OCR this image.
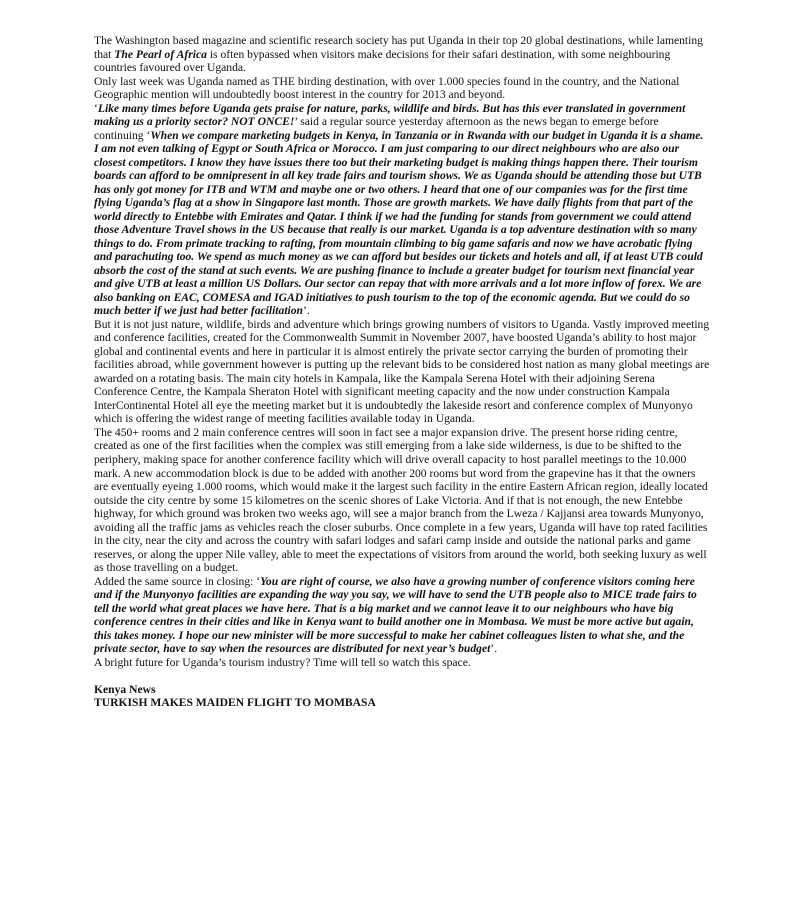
The Washington based magazine and scientific research society has put Uganda in their top 20 global destinations, while lamenting that The Pearl of Africa is often bypassed when visitors make decisions for their safari destination, with some neighbouring countries favoured over Uganda.

Only last week was Uganda named as THE birding destination, with over 1.000 species found in the country, and the National Geographic mention will undoubtedly boost interest in the country for 2013 and beyond.

‘Like many times before Uganda gets praise for nature, parks, wildlife and birds. But has this ever translated in government making us a priority sector? NOT ONCE!’ said a regular source yesterday afternoon as the news began to emerge before continuing ‘When we compare marketing budgets in Kenya, in Tanzania or in Rwanda with our budget in Uganda it is a shame. I am not even talking of Egypt or South Africa or Morocco. I am just comparing to our direct neighbours who are also our closest competitors. I know they have issues there too but their marketing budget is making things happen there. Their tourism boards can afford to be omnipresent in all key trade fairs and tourism shows. We as Uganda should be attending those but UTB has only got money for ITB and WTM and maybe one or two others. I heard that one of our companies was for the first time flying Uganda’s flag at a show in Singapore last month. Those are growth markets. We have daily flights from that part of the world directly to Entebbe with Emirates and Qatar. I think if we had the funding for stands from government we could attend those Adventure Travel shows in the US because that really is our market. Uganda is a top adventure destination with so many things to do. From primate tracking to rafting, from mountain climbing to big game safaris and now we have acrobatic flying and parachuting too. We spend as much money as we can afford but besides our tickets and hotels and all, if at least UTB could absorb the cost of the stand at such events. We are pushing finance to include a greater budget for tourism next financial year and give UTB at least a million US Dollars. Our sector can repay that with more arrivals and a lot more inflow of forex. We are also banking on EAC, COMESA and IGAD initiatives to push tourism to the top of the economic agenda. But we could do so much better if we just had better facilitation’.

But it is not just nature, wildlife, birds and adventure which brings growing numbers of visitors to Uganda. Vastly improved meeting and conference facilities, created for the Commonwealth Summit in November 2007, have boosted Uganda’s ability to host major global and continental events and here in particular it is almost entirely the private sector carrying the burden of promoting their facilities abroad, while government however is putting up the relevant bids to be considered host nation as many global meetings are awarded on a rotating basis. The main city hotels in Kampala, like the Kampala Serena Hotel with their adjoining Serena Conference Centre, the Kampala Sheraton Hotel with significant meeting capacity and the now under construction Kampala InterContinental Hotel all eye the meeting market but it is undoubtedly the lakeside resort and conference complex of Munyonyo which is offering the widest range of meeting facilities available today in Uganda.

The 450+ rooms and 2 main conference centres will soon in fact see a major expansion drive. The present horse riding centre, created as one of the first facilities when the complex was still emerging from a lake side wilderness, is due to be shifted to the periphery, making space for another conference facility which will drive overall capacity to host parallel meetings to the 10.000 mark. A new accommodation block is due to be added with another 200 rooms but word from the grapevine has it that the owners are eventually eyeing 1.000 rooms, which would make it the largest such facility in the entire Eastern African region, ideally located outside the city centre by some 15 kilometres on the scenic shores of Lake Victoria. And if that is not enough, the new Entebbe highway, for which ground was broken two weeks ago, will see a major branch from the Lweza / Kajjansi area towards Munyonyo, avoiding all the traffic jams as vehicles reach the closer suburbs. Once complete in a few years, Uganda will have top rated facilities in the city, near the city and across the country with safari lodges and safari camp inside and outside the national parks and game reserves, or along the upper Nile valley, able to meet the expectations of visitors from around the world, both seeking luxury as well as those travelling on a budget.

Added the same source in closing: ‘You are right of course, we also have a growing number of conference visitors coming here and if the Munyonyo facilities are expanding the way you say, we will have to send the UTB people also to MICE trade fairs to tell the world what great places we have here. That is a big market and we cannot leave it to our neighbours who have big conference centres in their cities and like in Kenya want to build another one in Mombasa. We must be more active but again, this takes money. I hope our new minister will be more successful to make her cabinet colleagues listen to what she, and the private sector, have to say when the resources are distributed for next year’s budget’.

A bright future for Uganda’s tourism industry? Time will tell so watch this space.

Kenya News

TURKISH MAKES MAIDEN FLIGHT TO MOMBASA
